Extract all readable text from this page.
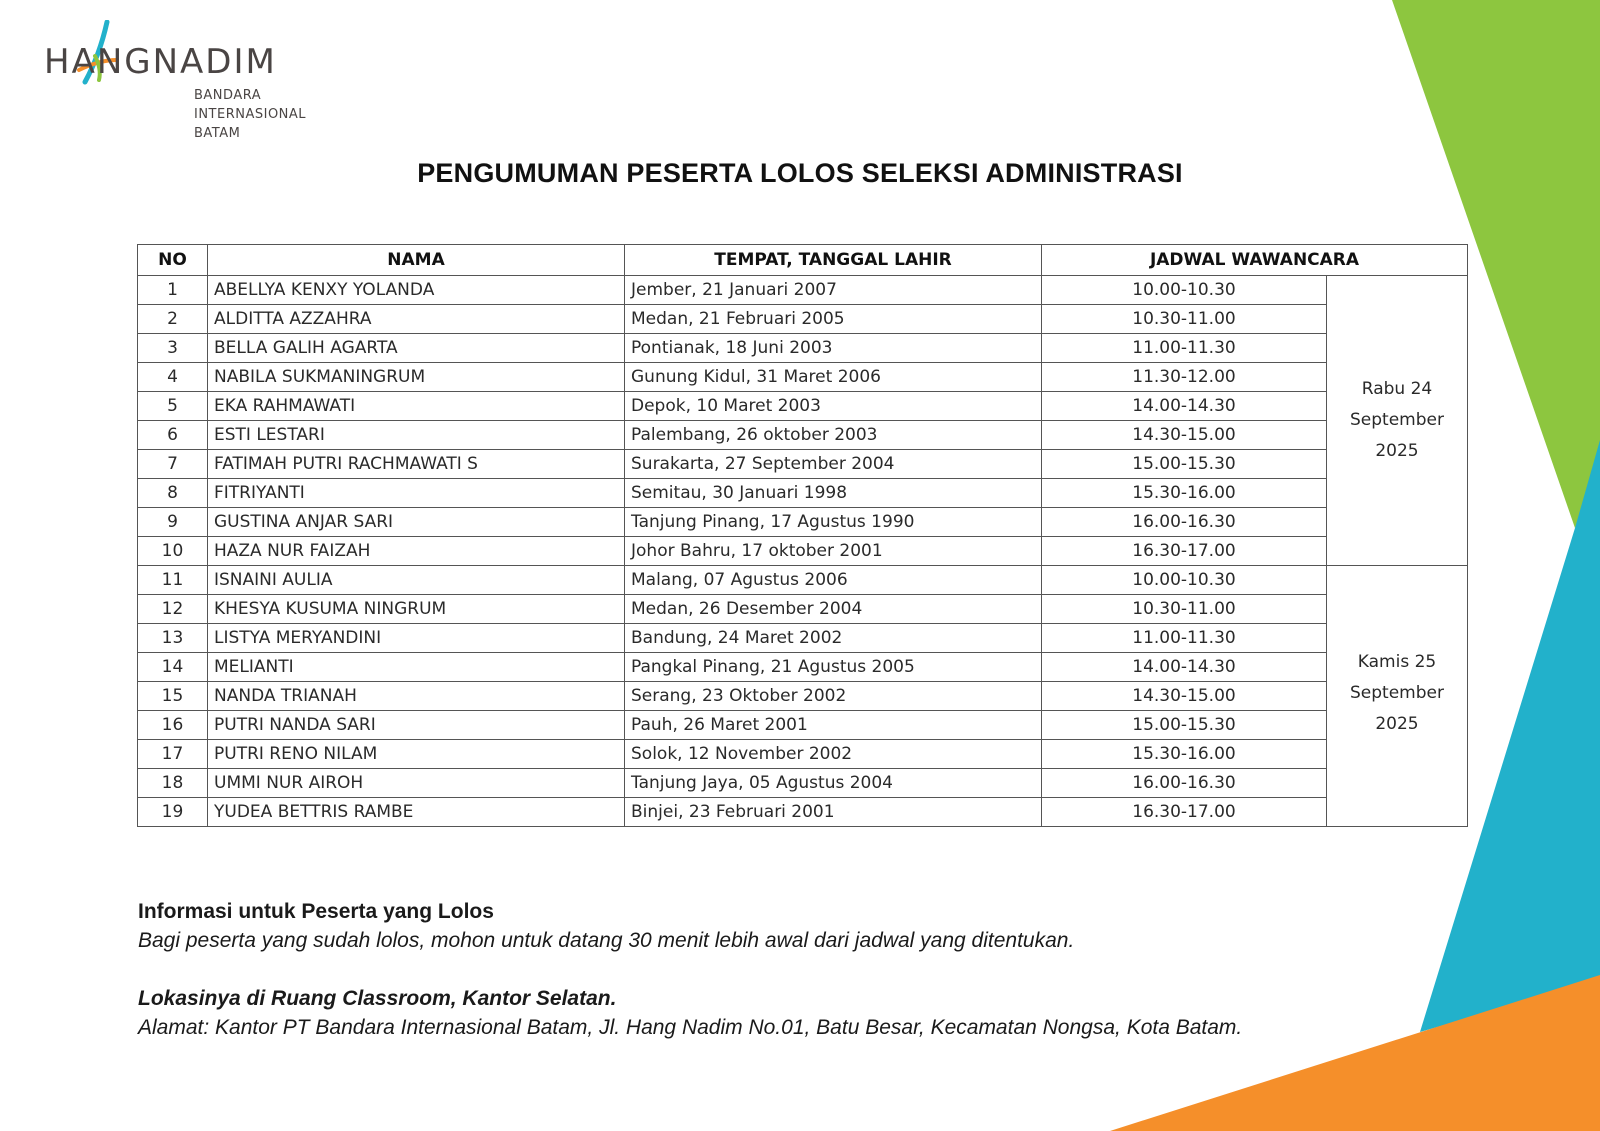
HANGNADIM
BANDARA
INTERNASIONAL
BATAM
PENGUMUMAN PESERTA LOLOS SELEKSI ADMINISTRASI
NO	NAMA	TEMPAT, TANGGAL LAHIR	JADWAL WAWANCARA	
1	ABELLYA KENXY YOLANDA	Jember, 21 Januari 2007	10.00-10.30	Rabu 24
September
2025

2	ALDITTA AZZAHRA	Medan, 21 Februari 2005	10.30-11.00	
3	BELLA GALIH AGARTA	Pontianak, 18 Juni 2003	11.00-11.30	
4	NABILA SUKMANINGRUM	Gunung Kidul, 31 Maret 2006	11.30-12.00	
5	EKA RAHMAWATI	Depok, 10 Maret 2003	14.00-14.30	
6	ESTI LESTARI	Palembang, 26 oktober 2003	14.30-15.00	
7	FATIMAH PUTRI RACHMAWATI S	Surakarta, 27 September 2004	15.00-15.30	
8	FITRIYANTI	Semitau, 30 Januari 1998	15.30-16.00	
9	GUSTINA ANJAR SARI	Tanjung Pinang, 17 Agustus 1990	16.00-16.30	
10	HAZA NUR FAIZAH	Johor Bahru, 17 oktober 2001	16.30-17.00	
11	ISNAINI AULIA	Malang, 07 Agustus 2006	10.00-10.30	Kamis 25
September
2025

12	KHESYA KUSUMA NINGRUM	Medan, 26 Desember 2004	10.30-11.00	
13	LISTYA MERYANDINI	Bandung, 24 Maret 2002	11.00-11.30	
14	MELIANTI	Pangkal Pinang, 21 Agustus 2005	14.00-14.30	
15	NANDA TRIANAH	Serang, 23 Oktober 2002	14.30-15.00	
16	PUTRI NANDA SARI	Pauh, 26 Maret 2001	15.00-15.30	
17	PUTRI RENO NILAM	Solok, 12 November 2002	15.30-16.00	
18	UMMI NUR AIROH	Tanjung Jaya, 05 Agustus 2004	16.00-16.30	
19	YUDEA BETTRIS RAMBE	Binjei, 23 Februari 2001	16.30-17.00	
Informasi untuk Peserta yang Lolos
Bagi peserta yang sudah lolos, mohon untuk datang 30 menit lebih awal dari jadwal yang ditentukan.
Lokasinya di Ruang Classroom, Kantor Selatan.
Alamat: Kantor PT Bandara Internasional Batam, Jl. Hang Nadim No.01, Batu Besar, Kecamatan Nongsa, Kota Batam.
